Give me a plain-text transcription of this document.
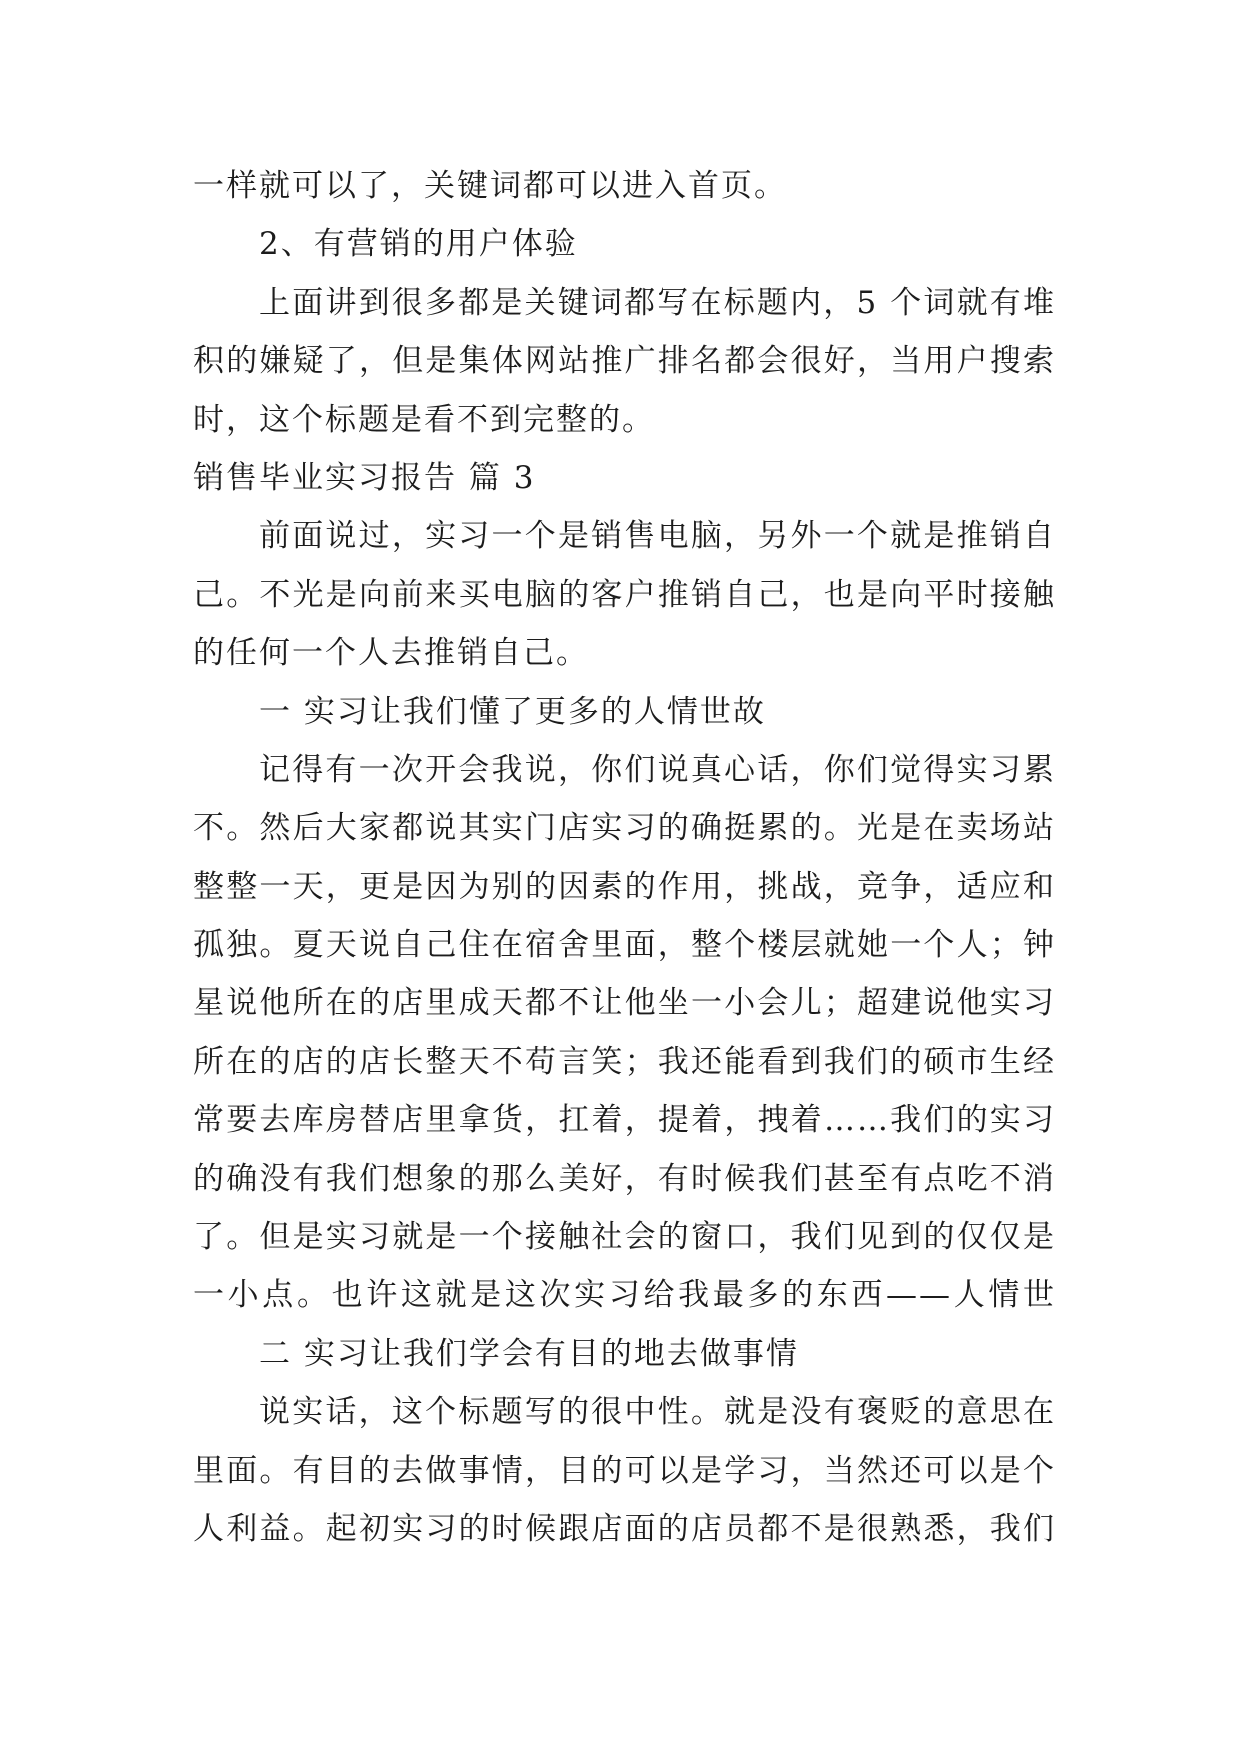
一样就可以了，关键词都可以进入首页。
2、有营销的用户体验
上面讲到很多都是关键词都写在标题内，5 个词就有堆
积的嫌疑了，但是集体网站推广排名都会很好，当用户搜索
时，这个标题是看不到完整的。
销售毕业实习报告 篇 3
前面说过，实习一个是销售电脑，另外一个就是推销自
己。不光是向前来买电脑的客户推销自己，也是向平时接触
的任何一个人去推销自己。
一 实习让我们懂了更多的人情世故
记得有一次开会我说，你们说真心话，你们觉得实习累
不。然后大家都说其实门店实习的确挺累的。光是在卖场站
整整一天，更是因为别的因素的作用，挑战，竞争，适应和
孤独。夏天说自己住在宿舍里面，整个楼层就她一个人；钟
星说他所在的店里成天都不让他坐一小会儿；超建说他实习
所在的店的店长整天不苟言笑；我还能看到我们的硕市生经
常要去库房替店里拿货，扛着，提着，拽着……我们的实习
的确没有我们想象的那么美好，有时候我们甚至有点吃不消
了。但是实习就是一个接触社会的窗口，我们见到的仅仅是
一小点。也许这就是这次实习给我最多的东西——人情世
二 实习让我们学会有目的地去做事情
说实话，这个标题写的很中性。就是没有褒贬的意思在
里面。有目的去做事情，目的可以是学习，当然还可以是个
人利益。起初实习的时候跟店面的店员都不是很熟悉，我们
